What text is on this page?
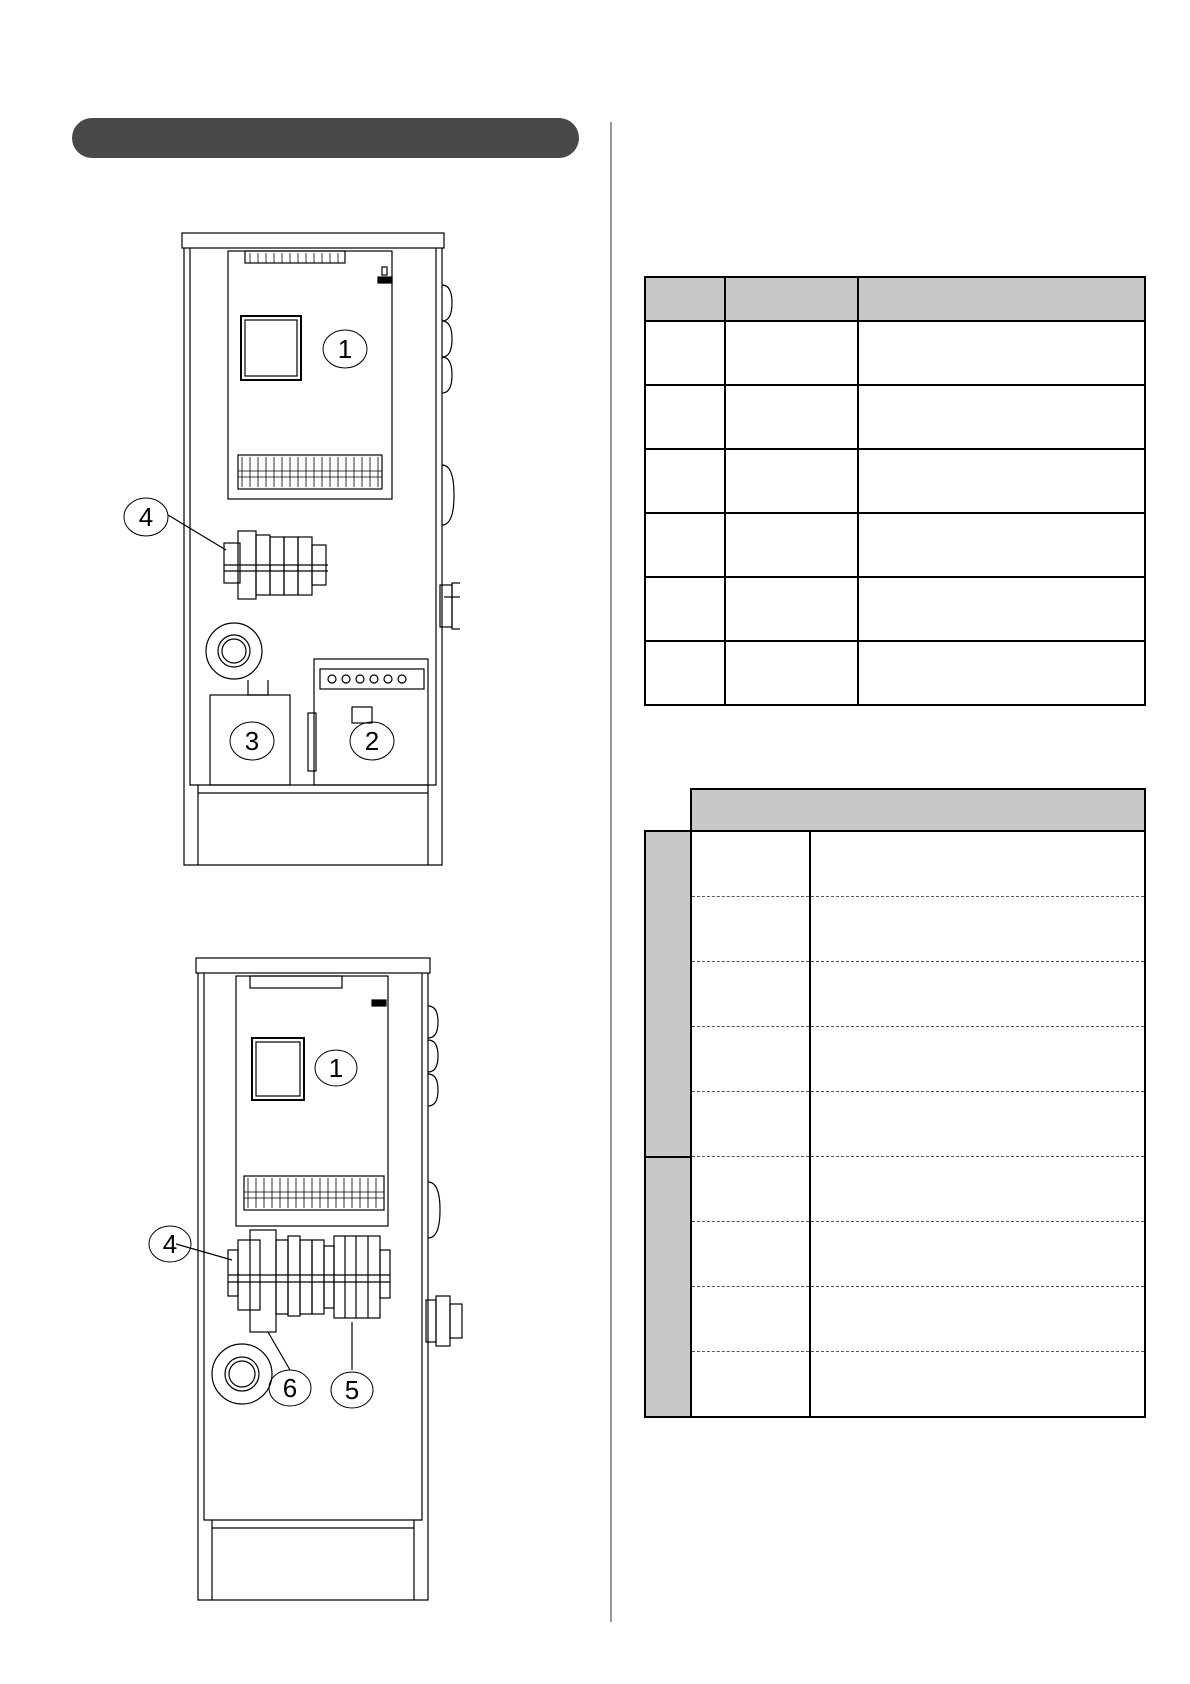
1
3	2
4
1
4
6 5
